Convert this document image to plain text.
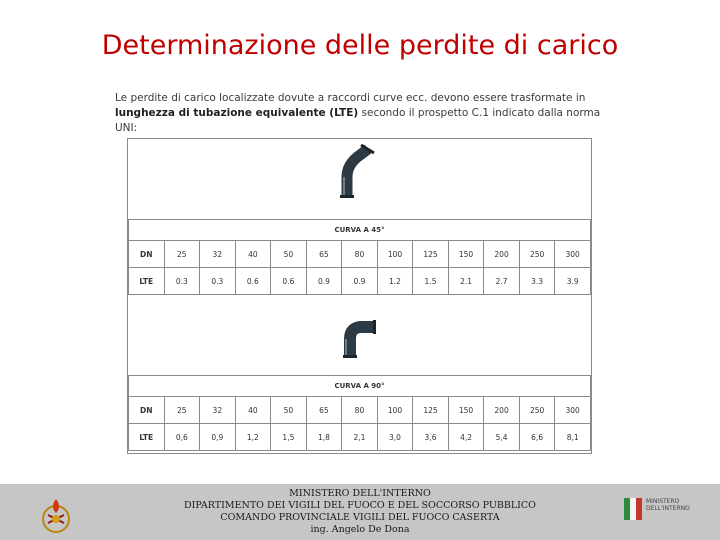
Determinazione delle perdite di carico
Le perdite di carico localizzate dovute a raccordi curve ecc. devono essere trasformate in lunghezza di tubazione equivalente (LTE) secondo il prospetto C.1 indicato dalla norma UNI:
CURVA A 45°												
DN	25	32	40	50	65	80	100	125	150	200	250	300
LTE	0.3	0.3	0.6	0.6	0.9	0.9	1.2	1.5	2.1	2.7	3.3	3.9
CURVA A 90°												
DN	25	32	40	50	65	80	100	125	150	200	250	300
LTE	0,6	0,9	1,2	1,5	1,8	2,1	3,0	3,6	4,2	5,4	6,6	8,1
MINISTERO DELL'INTERNO
DIPARTIMENTO DEI VIGILI DEL FUOCO E DEL SOCCORSO PUBBLICO
COMANDO PROVINCIALE VIGILI DEL FUOCO CASERTA
ing. Angelo De Dona
MINISTERO
DELL'INTERNO
